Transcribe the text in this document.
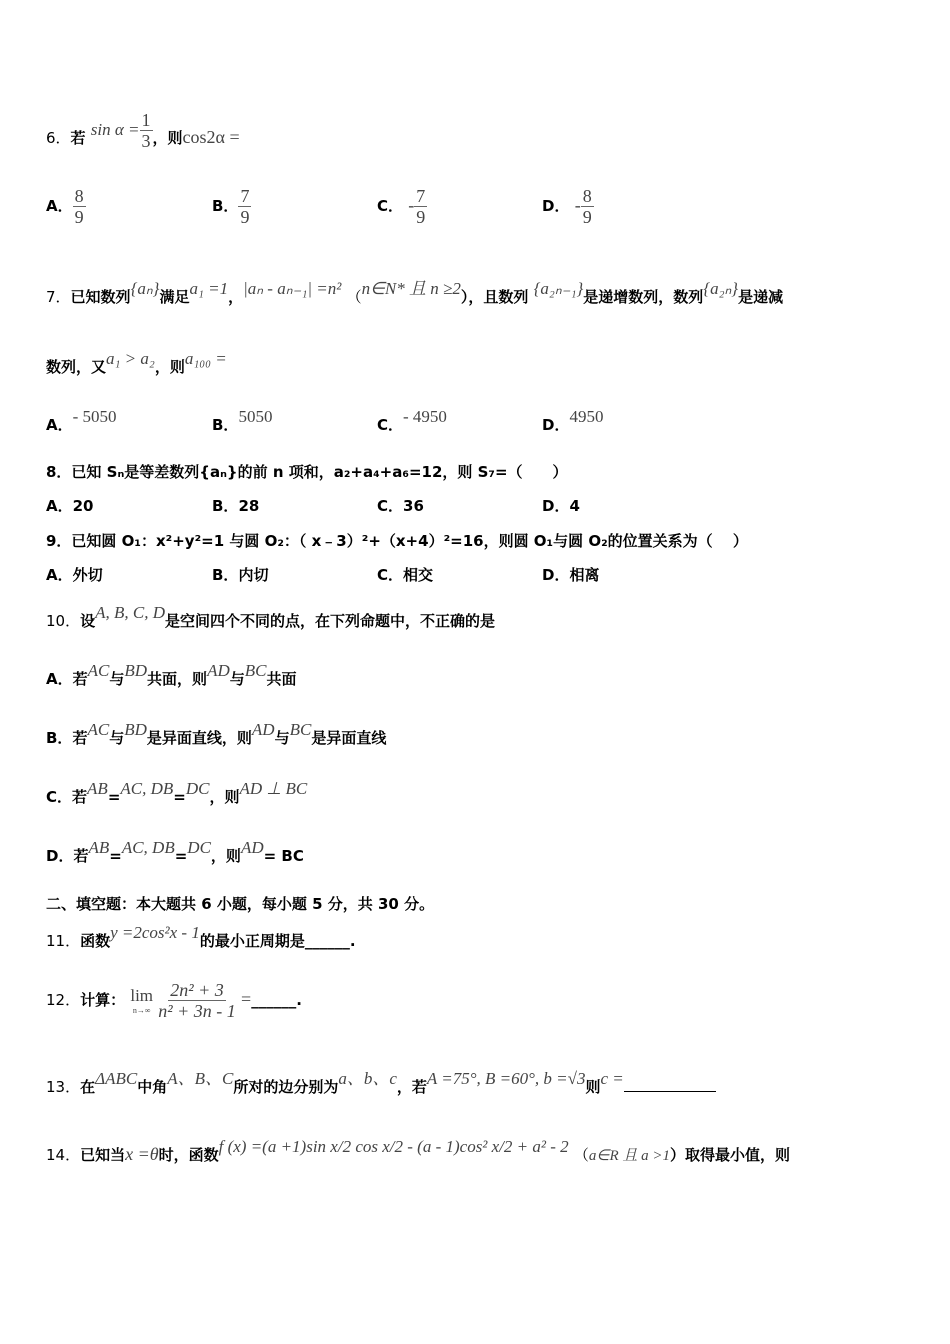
6．若 $\sin \alpha = \frac{1}{3}$ ，则cos2α =
A． $\frac{8}{9}$	B． $\frac{7}{9}$	C． - $\frac{7}{9}$	D． - $\frac{8}{9}$
7．已知数列{aₙ}满足a₁ =1，|aₙ - aₙ₋₁| =n² （n∈N* 且 n ≥2），且数列 {a₂ₙ₋₁}是递增数列，数列{a₂ₙ}是递减
数列，又a₁ > a₂，则a₁₀₀ =
A．- 5050	B．5050	C．- 4950	D．4950
8．已知 Sₙ是等差数列{aₙ}的前 n 项和，a₂+a₄+a₆=12，则 S₇=（　　）
A．20	B．28	C．36	D．4
9．已知圆 O₁：x²+y²=1 与圆 O₂：（ x﹣3）²+（x+4）²=16，则圆 O₁与圆 O₂的位置关系为（　 ）
A．外切	B．内切	C．相交	D．相离
10．设A, B, C, D是空间四个不同的点，在下列命题中，不正确的是
A．若AC与BD共面，则AD与BC共面
B．若AC与BD是异面直线，则AD与BC是异面直线
C．若AB=AC, DB=DC，则AD ⊥ BC
D．若AB=AC, DB=DC，则AD= BC
二、填空题：本大题共 6 小题，每小题 5 分，共 30 分。
11．函数y =2cos²x - 1的最小正周期是______.
12．计算： lim
n→∞
$\frac{\text{2n² + 3}}{\text{n² + 3n - 1}}$ =______.
13．在ΔABC中角A、B、C所对的边分别为a、b、c，若A =75°, B =60°, b =√3则c =
14．已知当x =θ时，函数f (x) =(a +1)sin x/2 cos x/2 - (a - 1)cos² x/2 + a² - 2 （a∈R 且 a >1）取得最小值，则
